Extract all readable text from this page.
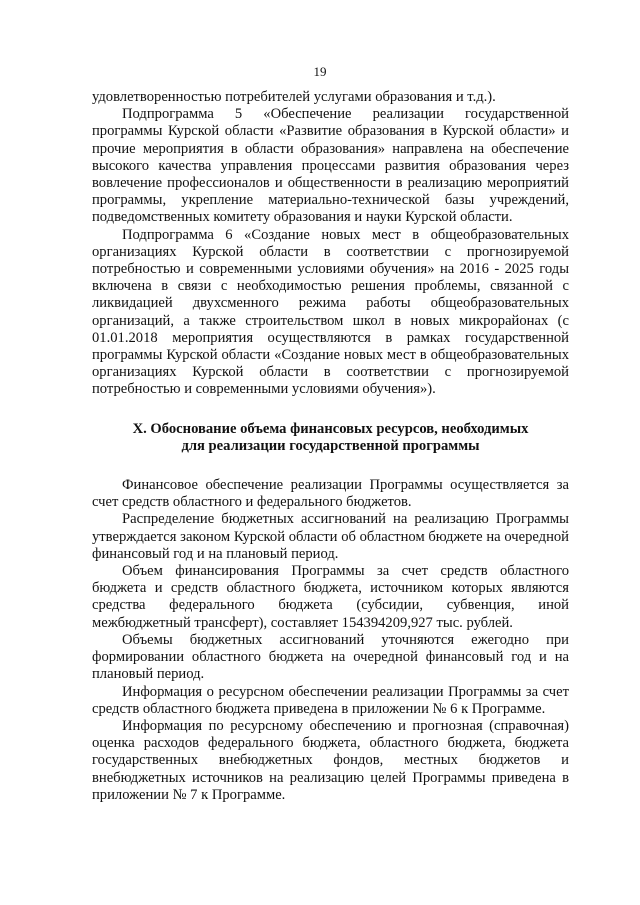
19

удовлетворенностью потребителей услугами образования и т.д.).

Подпрограмма 5 «Обеспечение реализации государственной программы Курской области «Развитие образования в Курской области» и прочие мероприятия в области образования» направлена на обеспечение высокого качества управления процессами развития образования через вовлечение профессионалов и общественности в реализацию мероприятий программы, укрепление материально-технической базы учреждений, подведомственных комитету образования и науки Курской области.

Подпрограмма 6 «Создание новых мест в общеобразовательных организациях Курской области в соответствии с прогнозируемой потребностью и современными условиями обучения» на 2016 - 2025 годы включена в связи с необходимостью решения проблемы, связанной с ликвидацией двухсменного режима работы общеобразовательных организаций, а также строительством школ в новых микрорайонах (с 01.01.2018 мероприятия осуществляются в рамках государственной программы Курской области «Создание новых мест в общеобразовательных организациях Курской области в соответствии с прогнозируемой потребностью и современными условиями обучения»).

X. Обоснование объема финансовых ресурсов, необходимых
для реализации государственной программы

Финансовое обеспечение реализации Программы осуществляется за счет средств областного и федерального бюджетов.

Распределение бюджетных ассигнований на реализацию Программы утверждается законом Курской области об областном бюджете на очередной финансовый год и на плановый период.

Объем финансирования Программы за счет средств областного бюджета и средств областного бюджета, источником которых являются средства федерального бюджета (субсидии, субвенция, иной межбюджетный трансферт), составляет 154394209,927 тыс. рублей.

Объемы бюджетных ассигнований уточняются ежегодно при формировании областного бюджета на очередной финансовый год и на плановый период.

Информация о ресурсном обеспечении реализации Программы за счет средств областного бюджета приведена в приложении № 6 к Программе.

Информация по ресурсному обеспечению и прогнозная (справочная) оценка расходов федерального бюджета, областного бюджета, бюджета государственных внебюджетных фондов, местных бюджетов и внебюджетных источников на реализацию целей Программы приведена в приложении № 7 к Программе.
